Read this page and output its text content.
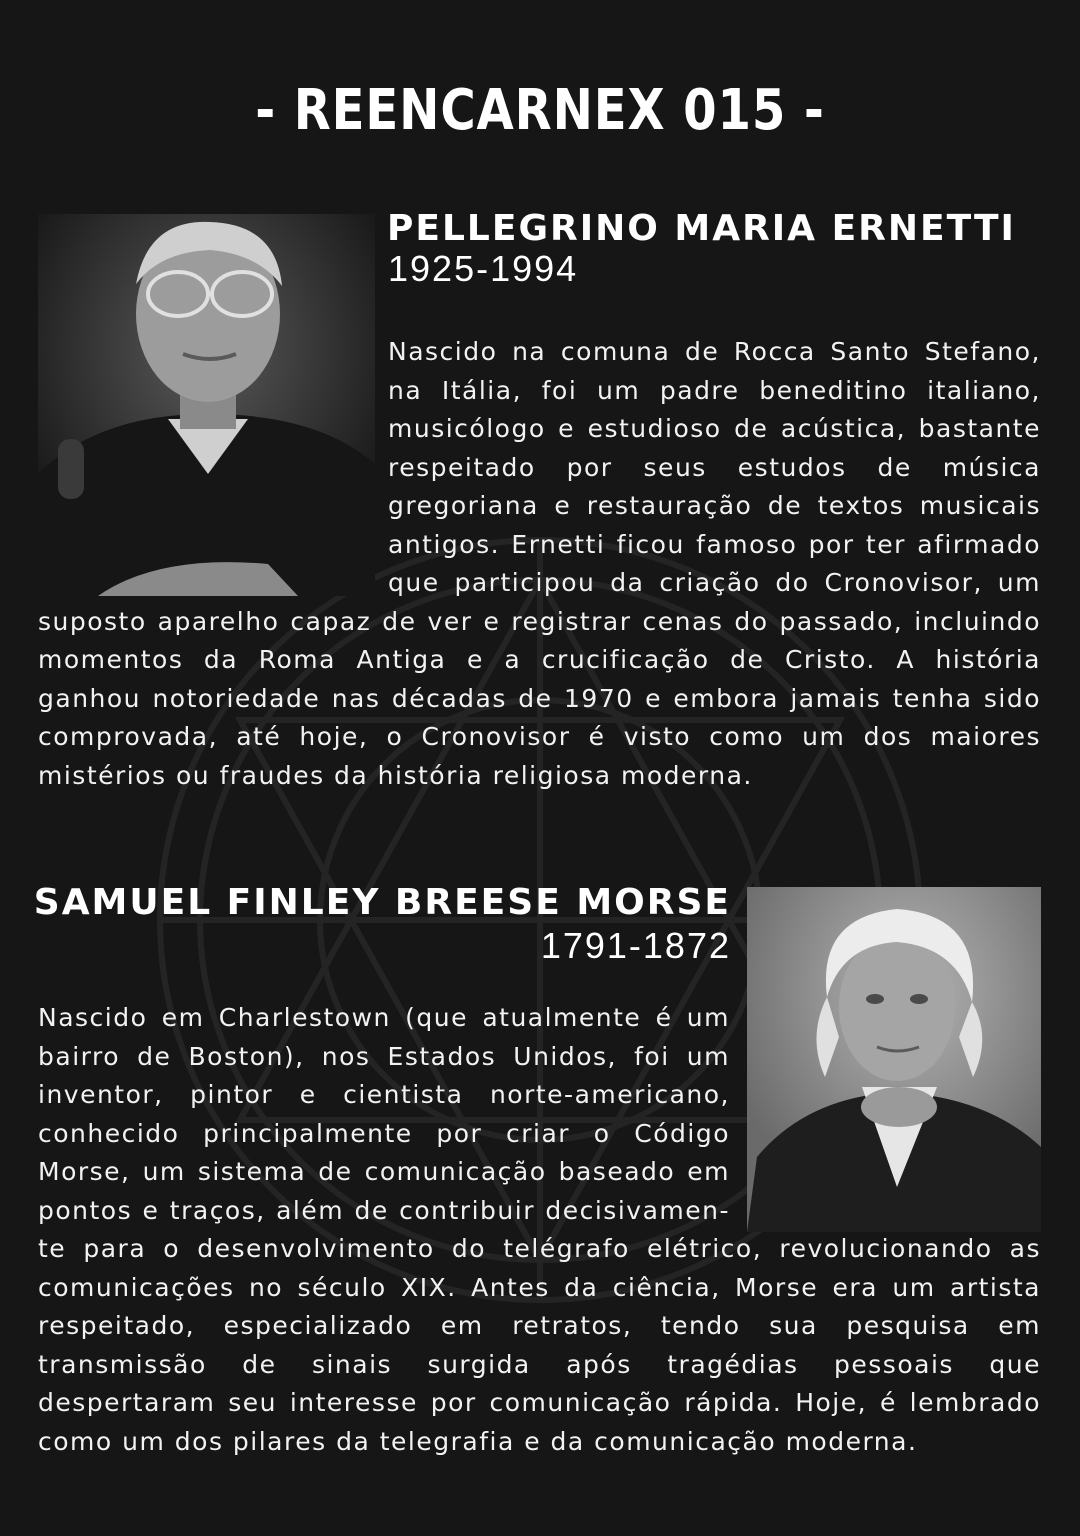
- REENCARNEX 015 -
PELLEGRINO MARIA ERNETTI
1925-1994

Nascido na comuna de Rocca Santo Stefano, na Itália, foi um padre beneditino italiano, musicólogo e estudioso de acústica, bastante respeitado por seus estudos de música gregoriana e restauração de textos musicais antigos. Ernetti ficou famoso por ter afirmado que participou da criação do Cronovisor, um suposto aparelho capaz de ver e registrar cenas do passado, incluindo momentos da Roma Antiga e a crucificação de Cristo. A história ganhou notoriedade nas décadas de 1970 e embora jamais tenha sido comprovada, até hoje, o Cronovisor é visto como um dos maiores mistérios ou fraudes da história religiosa moderna.

SAMUEL FINLEY BREESE MORSE
1791-1872

Nascido em Charlestown (que atualmente é um bairro de Boston), nos Estados Unidos, foi um inventor, pintor e cientista norte-americano, conhecido principalmente por criar o Código Morse, um sistema de comunicação baseado em pontos e traços, além de contribuir decisivamen-te para o desenvolvimento do telégrafo elétrico, revolucionando as comunicações no século XIX. Antes da ciência, Morse era um artista respeitado, especializado em retratos, tendo sua pesquisa em transmissão de sinais surgida após tragédias pessoais que despertaram seu interesse por comunicação rápida. Hoje, é lembrado como um dos pilares da telegrafia e da comunicação moderna.
